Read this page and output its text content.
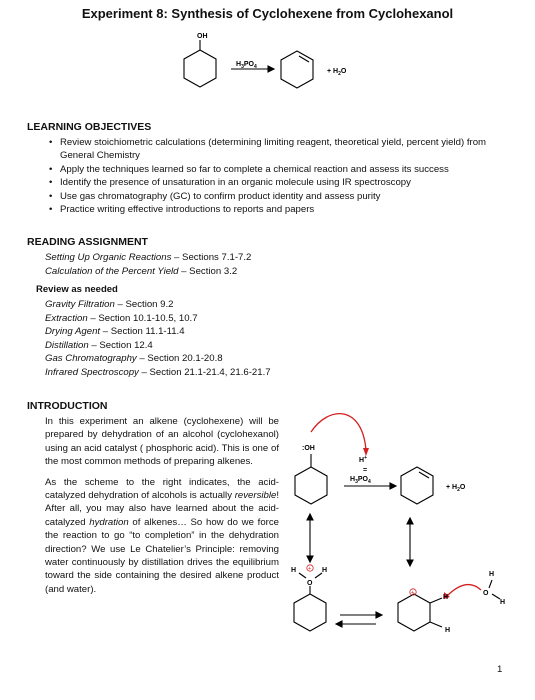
Experiment 8: Synthesis of Cyclohexene from Cyclohexanol
OH
$H_3PO_4$
+ $H_2O$
LEARNING OBJECTIVES
• Review stoichiometric calculations (determining limiting reagent, theoretical yield, percent yield) from General Chemistry
• Apply the techniques learned so far to complete a chemical reaction and assess its success
• Identify the presence of unsaturation in an organic molecule using IR spectroscopy
• Use gas chromatography (GC) to confirm product identity and assess purity
• Practice writing effective introductions to reports and papers
READING ASSIGNMENT
Setting Up Organic Reactions – Sections 7.1-7.2
Calculation of the Percent Yield – Section 3.2
Review as needed
Gravity Filtration – Section 9.2
Extraction – Section 10.1-10.5, 10.7
Drying Agent – Section 11.1-11.4
Distillation – Section 12.4
Gas Chromatography – Section 20.1-20.8
Infrared Spectroscopy – Section 21.1-21.4, 21.6-21.7
INTRODUCTION

In this experiment an alkene (cyclohexene) will be prepared by dehydration of an alcohol (cyclohexanol) using an acid catalyst ( phosphoric acid). This is one of the most common methods of preparing alkenes.

As the scheme to the right indicates, the acid-catalyzed dehydration of alcohols is actually reversible! After all, you may also have learned about the acid-catalyzed hydration of alkenes… So how do we force the reaction to go “to completion” in the dehydration direction? We use Le Chatelier’s Principle: removing water continuously by distillation drives the equilibrium toward the side containing the desired alkene product (and water).

:OH
H+
=
$H_3PO_4$
+ $H_2O$
H	H
O
H
H
H
O
H
+
+
1
